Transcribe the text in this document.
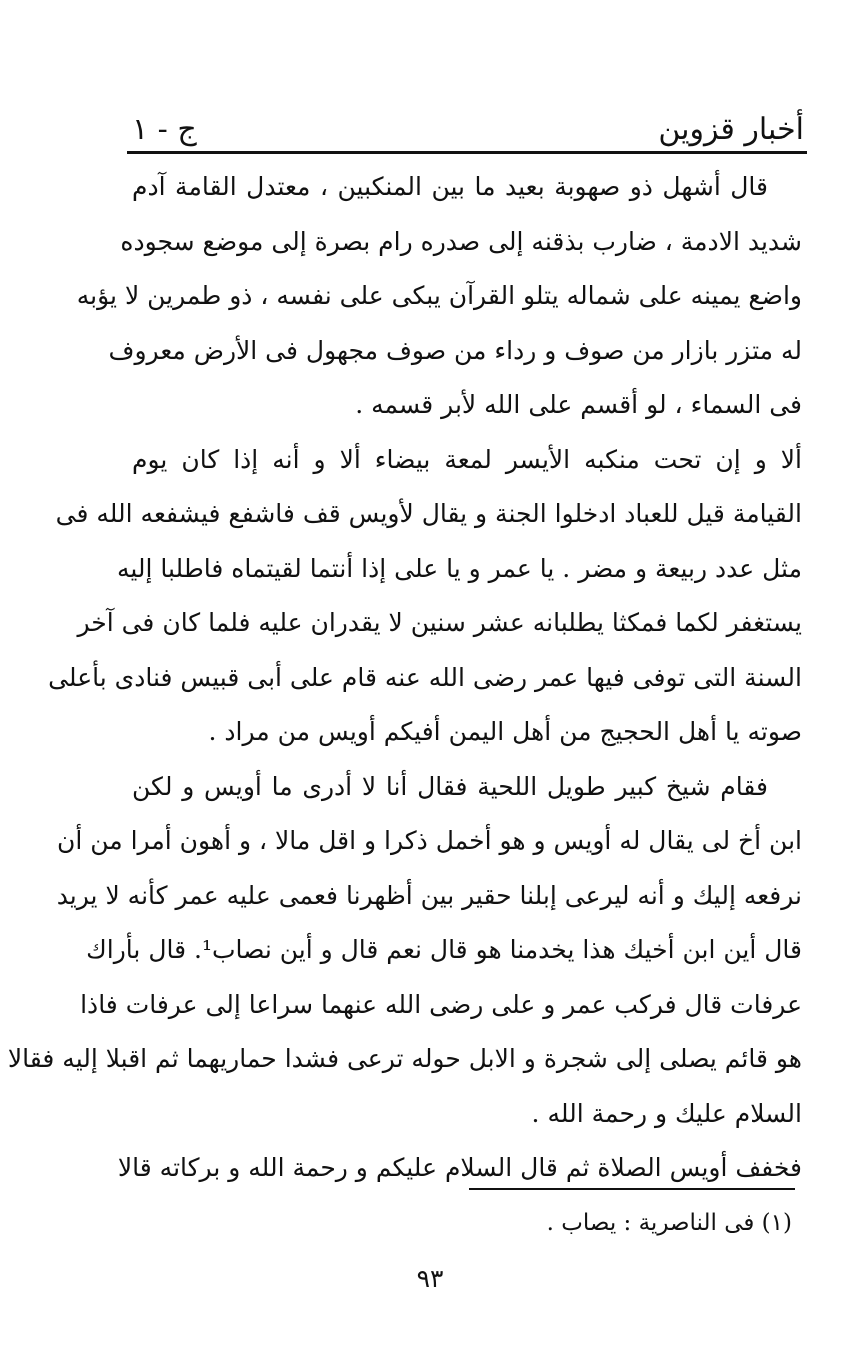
أخبار قزوين
ج - ١
قال أشهل ذو صهوبة بعيد ما بين المنكبين ، معتدل القامة آدم
شديد الادمة ، ضارب بذقنه إلى صدره رام بصرة إلى موضع سجوده
واضع يمينه على شماله يتلو القرآن يبكى على نفسه ، ذو طمرين لا يؤبه
له متزر بازار من صوف و رداء من صوف مجهول فى الأرض معروف
فى السماء ، لو أقسم على الله لأبر قسمه .
ألا و إن تحت منكبه الأيسر لمعة بيضاء ألا و أنه إذا كان يوم
القيامة قيل للعباد ادخلوا الجنة و يقال لأويس قف فاشفع فيشفعه الله فى
مثل عدد ربيعة و مضر . يا عمر و يا على إذا أنتما لقيتماه فاطلبا إليه
يستغفر لكما فمكثا يطلبانه عشر سنين لا يقدران عليه فلما كان فى آخر
السنة التى توفى فيها عمر رضى الله عنه قام على أبى قبيس فنادى بأعلى
صوته يا أهل الحجيج من أهل اليمن أفيكم أويس من مراد .
فقام شيخ كبير طويل اللحية فقال أنا لا أدرى ما أويس و لكن
ابن أخ لى يقال له أويس و هو أخمل ذكرا و اقل مالا ، و أهون أمرا من أن
نرفعه إليك و أنه ليرعى إبلنا حقير بين أظهرنا فعمى عليه عمر كأنه لا يريد
قال أين ابن أخيك هذا يخدمنا هو قال نعم قال و أين نصاب¹. قال بأراك
عرفات قال فركب عمر و على رضى الله عنهما سراعا إلى عرفات فاذا
هو قائم يصلى إلى شجرة و الابل حوله ترعى فشدا حماريهما ثم اقبلا إليه فقالا
السلام عليك و رحمة الله .
فخفف أويس الصلاة ثم قال السلام عليكم و رحمة الله و بركاته قالا
(١) فى الناصرية : يصاب .
٩٣
